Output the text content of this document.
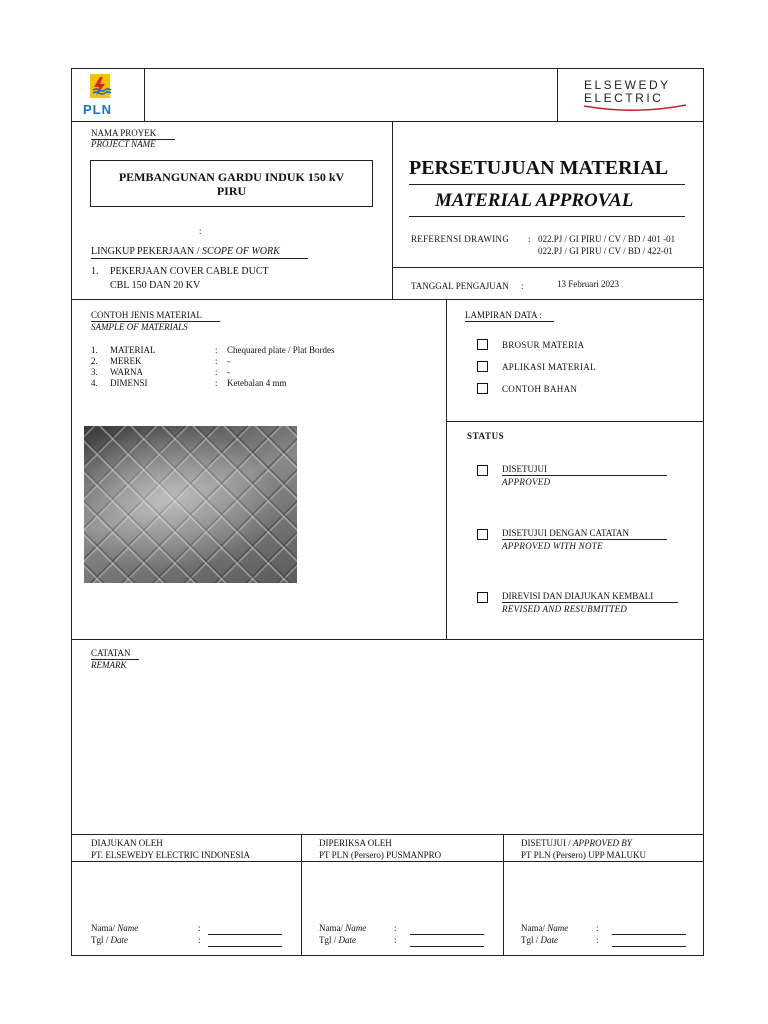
PLN
ELSEWEDY
ELECTRIC
NAMA PROYEK
PROJECT NAME
PEMBANGUNAN GARDU INDUK 150 kV
PIRU
:
LINGKUP PEKERJAAN / SCOPE OF WORK
1. PEKERJAAN COVER CABLE DUCT
CBL 150 DAN 20 KV
PERSETUJUAN MATERIAL
MATERIAL APPROVAL
REFERENSI DRAWING : 022.PJ / GI PIRU / CV / BD / 401 -01
022.PJ / GI PIRU / CV / BD / 422-01
TANGGAL PENGAJUAN	:	13 Februari 2023
CONTOH JENIS MATERIAL
SAMPLE OF MATERIALS
1. MATERIAL	: Chequared plate / Plat Bordes
2. MEREK	: -
3. WARNA	: -
4. DIMENSI	: Ketebalan 4 mm
LAMPIRAN DATA :
BROSUR MATERIA
APLIKASI MATERIAL
CONTOH BAHAN
STATUS
DISETUJUI
APPROVED
DISETUJUI DENGAN CATATAN
APPROVED WITH NOTE
DIREVISI DAN DIAJUKAN KEMBALI
REVISED AND RESUBMITTED
CATATAN
REMARK
DIAJUKAN OLEH
PT. ELSEWEDY ELECTRIC INDONESIA
Nama/ Name	:
Tgl / Date	:
DIPERIKSA OLEH
PT PLN (Persero) PUSMANPRO
Nama/ Name	:
Tgl / Date	:
DISETUJUI / APPROVED BY
PT PLN (Persero) UPP MALUKU
Nama/ Name	:
Tgl / Date	:
